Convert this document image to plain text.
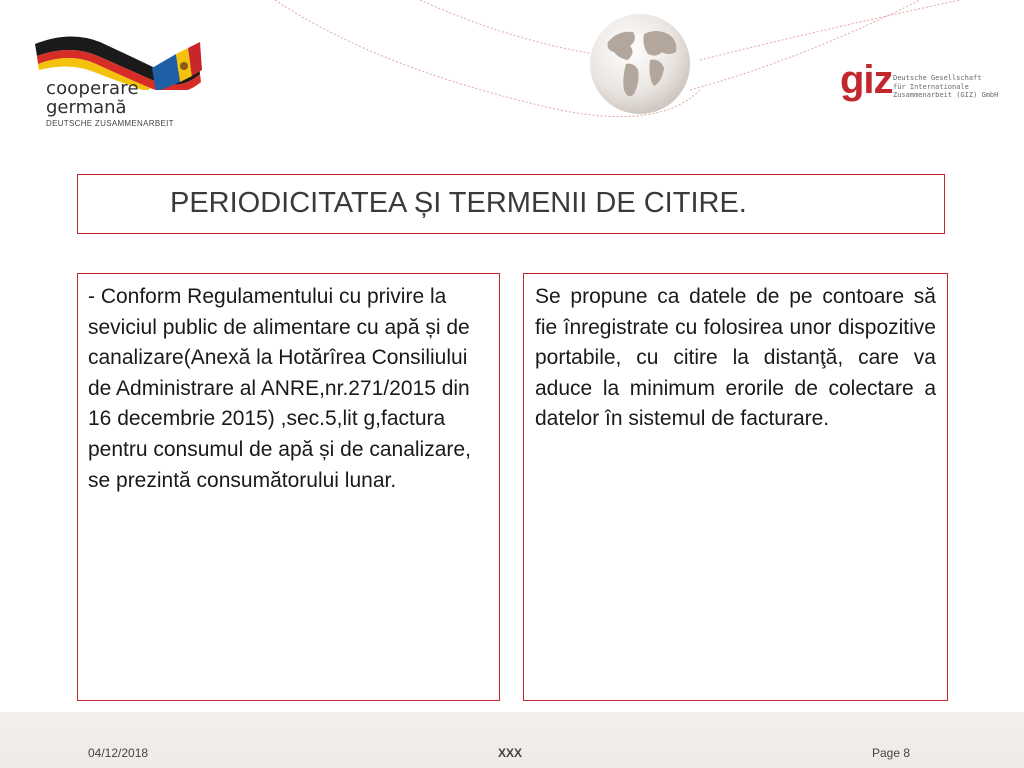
cooperare
germană
DEUTSCHE ZUSAMMENARBEIT
giz Deutsche Gesellschaft
für Internationale
Zusammenarbeit (GIZ) GmbH
PERIODICITATEA ȘI TERMENII DE CITIRE.
- Conform Regulamentului cu privire la seviciul public de alimentare cu apă și de canalizare(Anexă la Hotărîrea Consiliului de Administrare al ANRE,nr.271/2015 din 16 decembrie 2015) ,sec.5,lit g,factura pentru consumul de apă și de canalizare, se prezintă consumătorului lunar.
Se propune ca datele de pe contoare să fie înregistrate cu folosirea unor dispozitive portabile, cu citire la distanţă, care va aduce la minimum erorile de colectare a datelor în sistemul de facturare.
04/12/2018	XXX	Page 8
